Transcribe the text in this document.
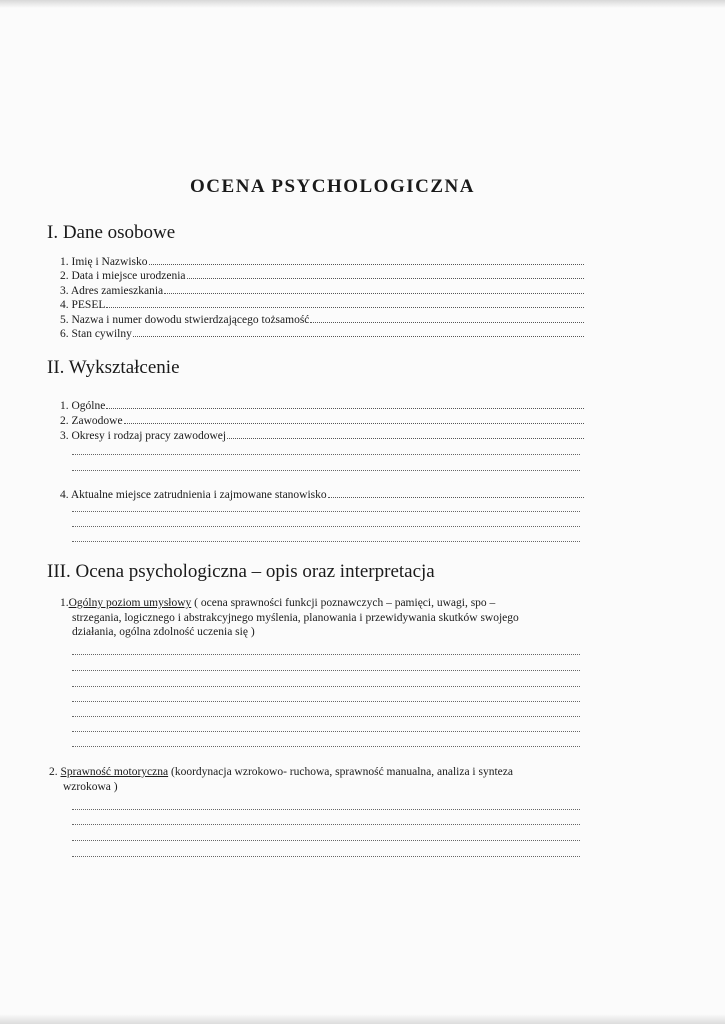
OCENA PSYCHOLOGICZNA
I. Dane osobowe
1. Imię i Nazwisko
2. Data i miejsce urodzenia
3. Adres zamieszkania
4. PESEL
5. Nazwa i numer dowodu stwierdzającego tożsamość
6. Stan cywilny
II. Wykształcenie
1. Ogólne
2. Zawodowe
3. Okresy i rodzaj pracy zawodowej
4. Aktualne miejsce zatrudnienia i zajmowane stanowisko
III. Ocena psychologiczna – opis oraz interpretacja
1.Ogólny poziom umysłowy ( ocena sprawności funkcji poznawczych – pamięci, uwagi, spo –
strzegania, logicznego i abstrakcyjnego myślenia, planowania i przewidywania skutków swojego
działania, ogólna zdolność uczenia się )
2. Sprawność motoryczna (koordynacja wzrokowo- ruchowa, sprawność manualna, analiza i synteza
wzrokowa )
